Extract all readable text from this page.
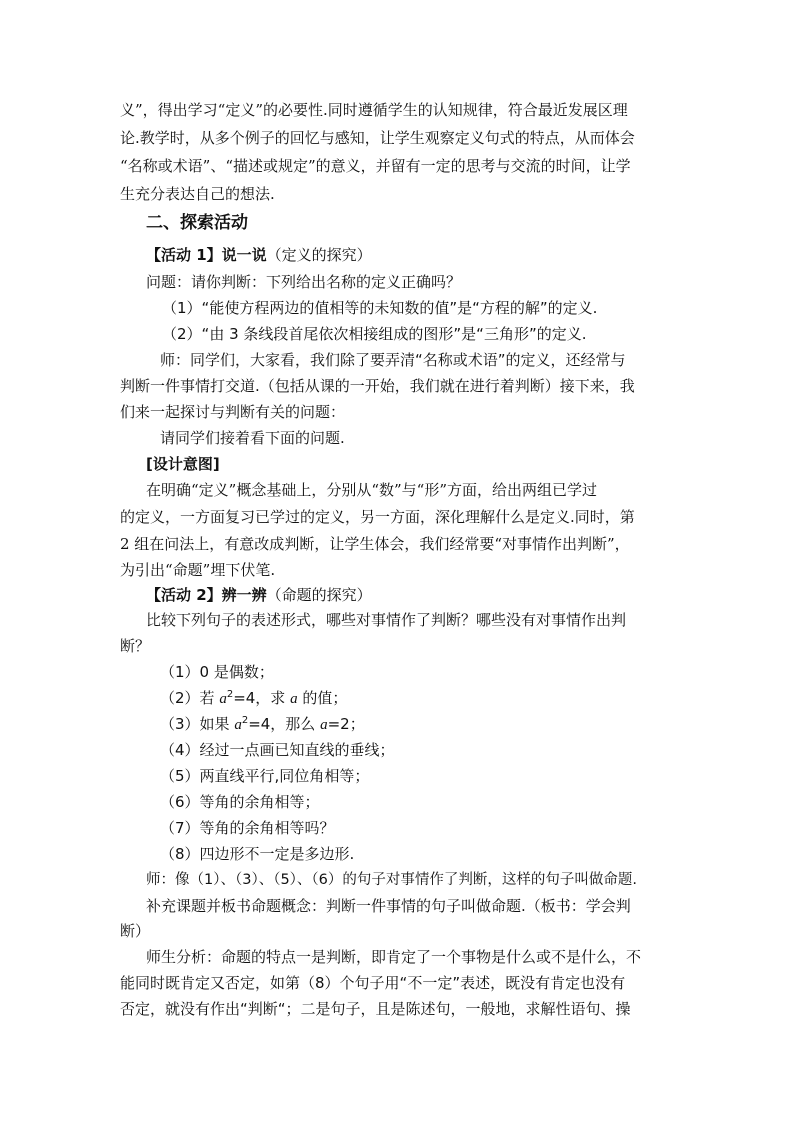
义”，得出学习“定义”的必要性.同时遵循学生的认知规律，符合最近发展区理
论.教学时，从多个例子的回忆与感知，让学生观察定义句式的特点，从而体会
“名称或术语”、“描述或规定”的意义，并留有一定的思考与交流的时间，让学
生充分表达自己的想法.
二、探索活动
【活动 1】说一说（定义的探究）
问题：请你判断：下列给出名称的定义正确吗？
（1）“能使方程两边的值相等的未知数的值”是“方程的解”的定义.
（2）“由 3 条线段首尾依次相接组成的图形”是“三角形”的定义.
师：同学们，大家看，我们除了要弄清“名称或术语”的定义，还经常与
判断一件事情打交道.（包括从课的一开始，我们就在进行着判断）接下来，我
们来一起探讨与判断有关的问题：
请同学们接着看下面的问题.
[设计意图]
在明确“定义”概念基础上，分别从“数”与“形”方面，给出两组已学过
的定义，一方面复习已学过的定义，另一方面，深化理解什么是定义.同时，第
2 组在问法上，有意改成判断，让学生体会，我们经常要“对事情作出判断”，
为引出“命题”埋下伏笔.
【活动 2】辨一辨（命题的探究）
比较下列句子的表述形式，哪些对事情作了判断？哪些没有对事情作出判
断？
（1）0 是偶数；
（2）若 $a^2=4$，求 a 的值；
（3）如果 $a^2=4$，那么 a=2；
（4）经过一点画已知直线的垂线；
（5）两直线平行,同位角相等；
（6）等角的余角相等；
（7）等角的余角相等吗？
（8）四边形不一定是多边形.
师：像（1）、（3）、（5）、（6）的句子对事情作了判断，这样的句子叫做命题.
补充课题并板书命题概念：判断一件事情的句子叫做命题.（板书：学会判
断）
师生分析：命题的特点一是判断，即肯定了一个事物是什么或不是什么，不
能同时既肯定又否定，如第（8）个句子用“不一定”表述，既没有肯定也没有
否定，就没有作出“判断“；二是句子，且是陈述句，一般地，求解性语句、操
